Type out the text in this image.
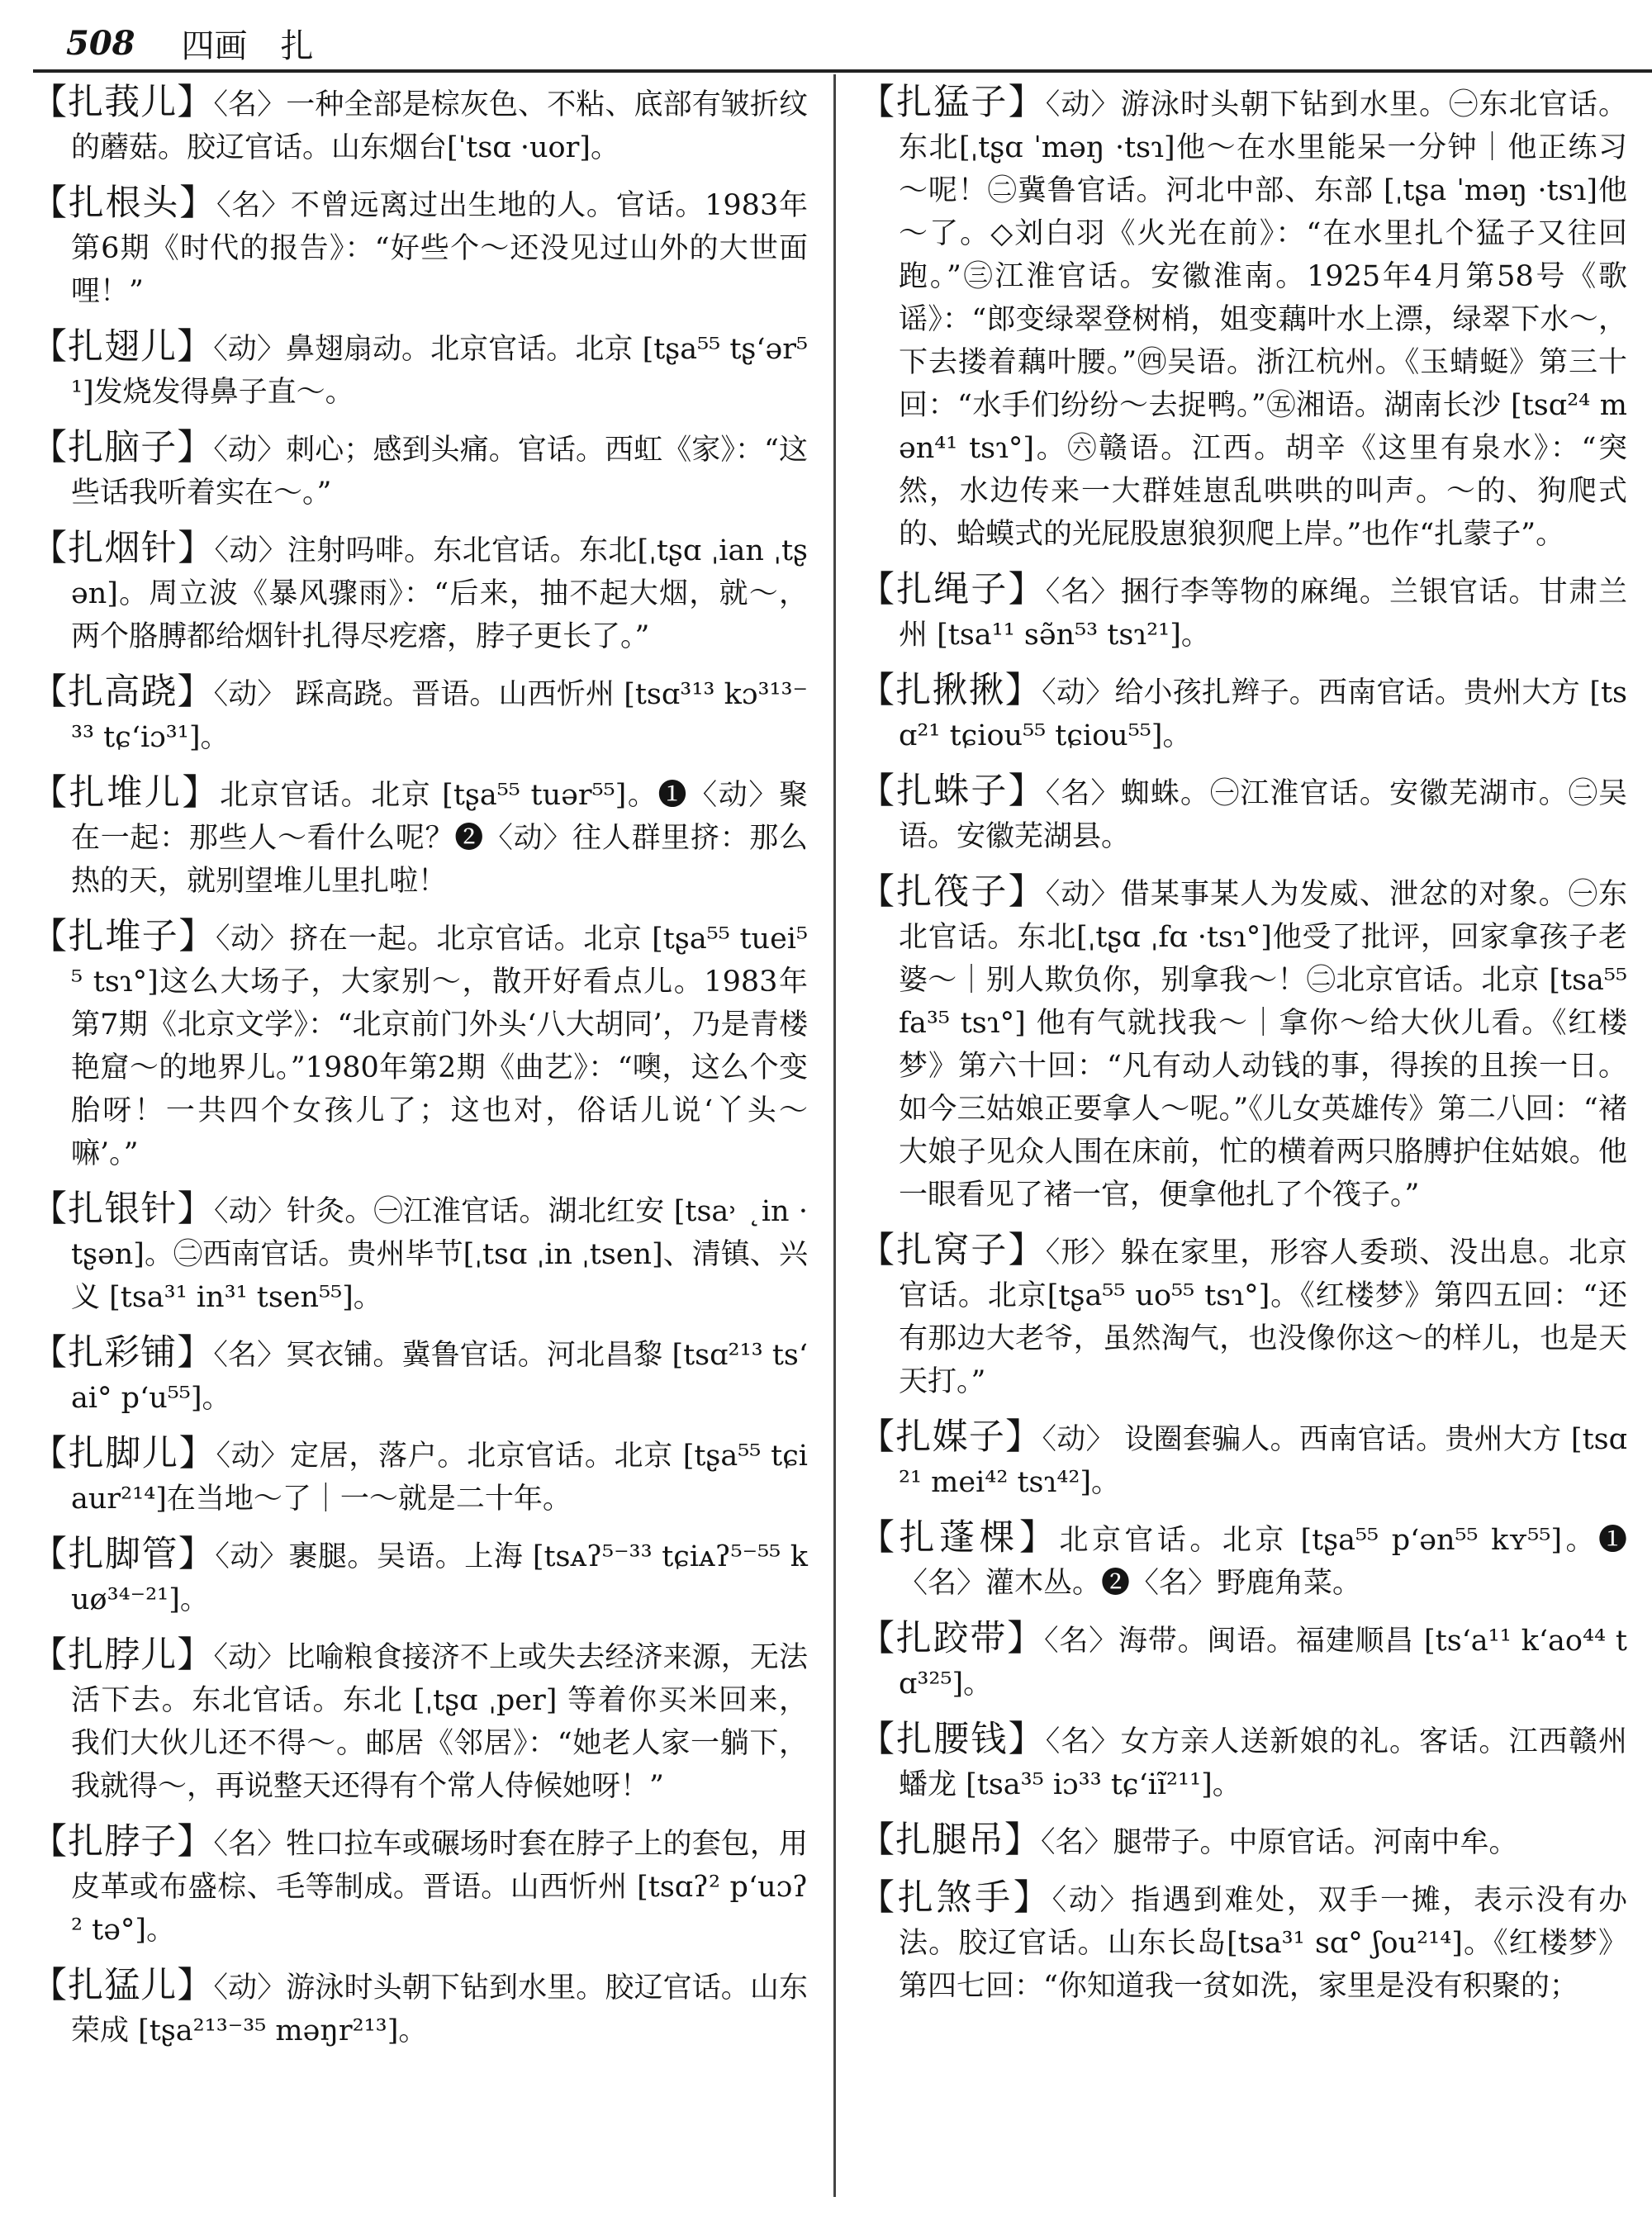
508 四画　扎

【扎莪儿】〈名〉一种全部是棕灰色、不粘、底部有皱折纹的蘑菇。胶辽官话。山东烟台[ˈtsɑ ·uor]。

【扎根头】〈名〉不曾远离过出生地的人。官话。1983年第6期《时代的报告》：“好些个～还没见过山外的大世面哩！”

【扎翅儿】〈动〉鼻翅扇动。北京官话。北京 [tʂa⁵⁵ tʂʻər⁵¹]发烧发得鼻子直～。

【扎脑子】〈动〉刺心；感到头痛。官话。西虹《家》：“这些话我听着实在～。”

【扎烟针】〈动〉注射吗啡。东北官话。东北[ˌtʂɑ ˌian ˌtʂən]。周立波《暴风骤雨》：“后来，抽不起大烟，就～，两个胳膊都给烟针扎得尽疙瘩，脖子更长了。”

【扎高跷】〈动〉 踩高跷。晋语。山西忻州 [tsɑ³¹³ kɔ³¹³⁻³³ tɕʻiɔ³¹]。

【扎堆儿】北京官话。北京 [tʂa⁵⁵ tuər⁵⁵]。❶〈动〉聚在一起：那些人～看什么呢？❷〈动〉往人群里挤：那么热的天，就别望堆儿里扎啦！

【扎堆子】〈动〉挤在一起。北京官话。北京 [tʂa⁵⁵ tuei⁵⁵ tsɿ°]这么大场子，大家别～，散开好看点儿。1983年第7期《北京文学》：“北京前门外头‘八大胡同’，乃是青楼艳窟～的地界儿。”1980年第2期《曲艺》：“噢，这么个变胎呀！一共四个女孩儿了；这也对，俗话儿说‘丫头～嘛’。”

【扎银针】〈动〉针灸。㊀江淮官话。湖北红安 [tsa˒ ˛in ·tʂən]。㊁西南官话。贵州毕节[ˌtsɑ ˌin ˌtsen]、清镇、兴义 [tsa³¹ in³¹ tsen⁵⁵]。

【扎彩铺】〈名〉冥衣铺。冀鲁官话。河北昌黎 [tsɑ²¹³ tsʻai° pʻu⁵⁵]。

【扎脚儿】〈动〉定居，落户。北京官话。北京 [tʂa⁵⁵ tɕiaur²¹⁴]在当地～了｜一～就是二十年。

【扎脚管】〈动〉裹腿。吴语。上海 [tsᴀʔ⁵⁻³³ tɕiᴀʔ⁵⁻⁵⁵ kuø³⁴⁻²¹]。

【扎脖儿】〈动〉比喻粮食接济不上或失去经济来源，无法活下去。东北官话。东北 [ˌtʂɑ ˌper] 等着你买米回来，我们大伙儿还不得～。邮居《邻居》：“她老人家一躺下，我就得～，再说整天还得有个常人侍候她呀！”

【扎脖子】〈名〉牲口拉车或碾场时套在脖子上的套包，用皮革或布盛棕、毛等制成。晋语。山西忻州 [tsɑʔ² pʻuɔʔ² tə°]。

【扎猛儿】〈动〉游泳时头朝下钻到水里。胶辽官话。山东荣成 [tʂa²¹³⁻³⁵ məŋr²¹³]。

【扎猛子】〈动〉游泳时头朝下钻到水里。㊀东北官话。东北[ˌtʂɑ ˈməŋ ·tsɿ]他～在水里能呆一分钟｜他正练习～呢！㊁冀鲁官话。河北中部、东部 [ˌtʂa ˈməŋ ·tsɿ]他～了。◇刘白羽《火光在前》：“在水里扎个猛子又往回跑。”㊂江淮官话。安徽淮南。1925年4月第58号《歌谣》：“郎变绿翠登树梢，姐变藕叶水上漂，绿翠下水～，下去搂着藕叶腰。”㊃吴语。浙江杭州。《玉蜻蜓》第三十回：“水手们纷纷～去捉鸭。”㊄湘语。湖南长沙 [tsɑ²⁴ mən⁴¹ tsɿ°]。㊅赣语。江西。胡辛《这里有泉水》：“突然，水边传来一大群娃崽乱哄哄的叫声。～的、狗爬式的、蛤蟆式的光屁股崽狼狈爬上岸。”也作“扎蒙子”。

【扎绳子】〈名〉捆行李等物的麻绳。兰银官话。甘肃兰州 [tsa¹¹ sə̃n⁵³ tsɿ²¹]。

【扎揪揪】〈动〉给小孩扎辫子。西南官话。贵州大方 [tsɑ²¹ tɕiou⁵⁵ tɕiou⁵⁵]。

【扎蛛子】〈名〉蜘蛛。㊀江淮官话。安徽芜湖市。㊁吴语。安徽芜湖县。

【扎筏子】〈动〉借某事某人为发威、泄忿的对象。㊀东北官话。东北[ˌtʂɑ ˌfɑ ·tsɿ°]他受了批评，回家拿孩子老婆～｜别人欺负你，别拿我～！㊁北京官话。北京 [tsa⁵⁵ fa³⁵ tsɿ°] 他有气就找我～｜拿你～给大伙儿看。《红楼梦》第六十回：“凡有动人动钱的事，得挨的且挨一日。如今三姑娘正要拿人～呢。”《儿女英雄传》第二八回：“褚大娘子见众人围在床前，忙的横着两只胳膊护住姑娘。他一眼看见了褚一官，便拿他扎了个筏子。”

【扎窝子】〈形〉躲在家里，形容人委琐、没出息。北京官话。北京[tʂa⁵⁵ uo⁵⁵ tsɿ°]。《红楼梦》第四五回：“还有那边大老爷，虽然淘气，也没像你这～的样儿，也是天天打。”

【扎媒子】〈动〉 设圈套骗人。西南官话。贵州大方 [tsɑ²¹ mei⁴² tsɿ⁴²]。

【扎蓬棵】北京官话。北京 [tʂa⁵⁵ pʻən⁵⁵ kʏ⁵⁵]。❶〈名〉灌木丛。❷〈名〉野鹿角菜。

【扎跤带】〈名〉海带。闽语。福建顺昌 [tsʻa¹¹ kʻao⁴⁴ tɑ³²⁵]。

【扎腰钱】〈名〉女方亲人送新娘的礼。客话。江西赣州蟠龙 [tsa³⁵ iɔ³³ tɕʻiĩ²¹¹]。

【扎腿吊】〈名〉腿带子。中原官话。河南中牟。

【扎煞手】〈动〉指遇到难处，双手一摊，表示没有办法。胶辽官话。山东长岛[tsa³¹ sɑ° ʃou²¹⁴]。《红楼梦》第四七回：“你知道我一贫如洗，家里是没有积聚的；
